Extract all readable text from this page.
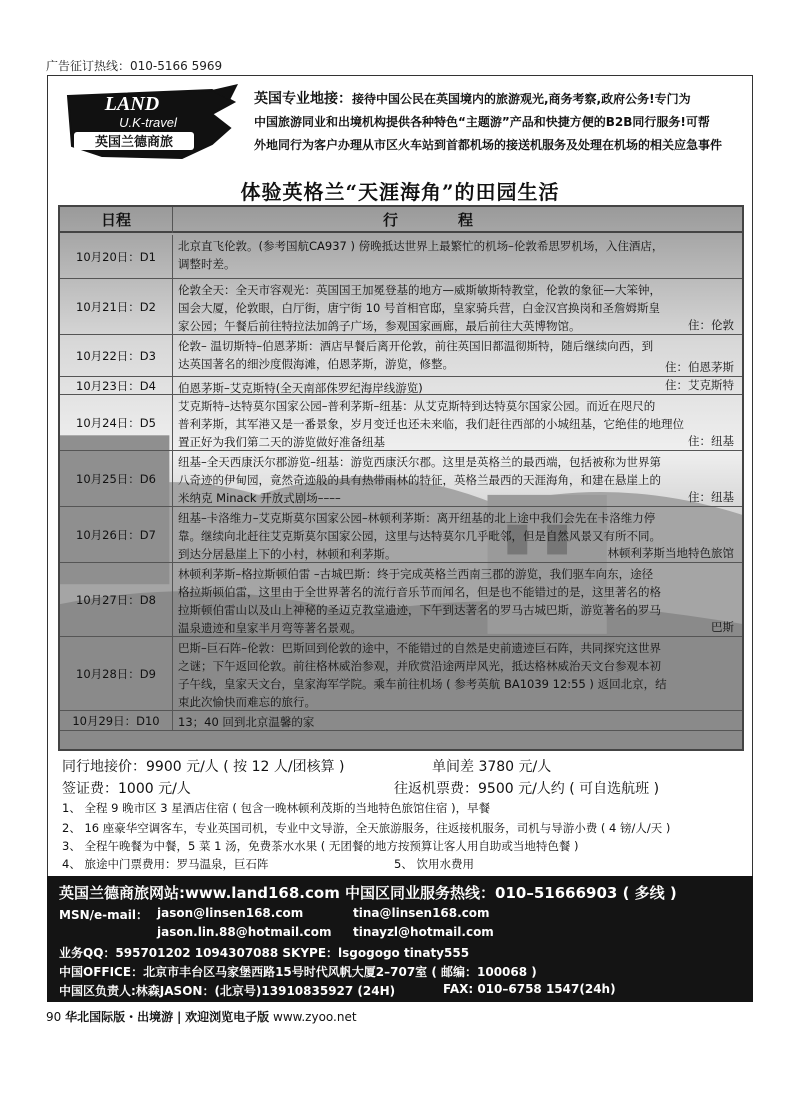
广告征订热线：010-5166 5969
LAND
U.K-travel
英国兰德商旅
英国专业地接：接待中国公民在英国境内的旅游观光,商务考察,政府公务!专门为
中国旅游同业和出境机构提供各种特色“主题游”产品和快捷方便的B2B同行服务!可帮
外地同行为客户办理从市区火车站到首都机场的接送机服务及处理在机场的相关应急事件
体验英格兰“天涯海角”的田园生活
日程	行程
10月20日：D1
北京直飞伦敦。(参考国航CA937 ) 傍晚抵达世界上最繁忙的机场–伦敦希思罗机场，入住酒店，
调整时差。
10月21日：D2
伦敦全天：全天市容观光：英国国王加冕登基的地方—威斯敏斯特教堂，伦敦的象征—大笨钟，
国会大厦，伦敦眼，白厅街，唐宁街 10 号首相官邸，皇家骑兵营，白金汉宫换岗和圣詹姆斯皇
家公园；午餐后前往特拉法加鸽子广场，参观国家画廊，最后前往大英博物馆。	住：伦敦
10月22日：D3
伦敦– 温切斯特–伯恩茅斯：酒店早餐后离开伦敦，前往英国旧都温彻斯特，随后继续向西，到
达英国著名的细沙度假海滩，伯恩茅斯，游览，修整。	住：伯恩茅斯
10月23日：D4	伯恩茅斯–艾克斯特(全天南部侏罗纪海岸线游览)	住：艾克斯特
10月24日：D5
艾克斯特–达特莫尔国家公园–普利茅斯–纽基：从艾克斯特到达特莫尔国家公园。而近在咫尺的
普利茅斯，其军港又是一番景象，岁月变迁也还未来临，我们赶往西部的小城纽基，它绝佳的地理位
置正好为我们第二天的游览做好准备纽基	住：纽基
10月25日：D6
纽基–全天西康沃尔郡游览–纽基：游览西康沃尔郡。这里是英格兰的最西端，包括被称为世界第
八奇迹的伊甸园，竟然奇迹般的具有热带雨林的特征，英格兰最西的天涯海角，和建在悬崖上的
米纳克 Minack 开放式剧场––––	住：纽基
10月26日：D7
纽基–卡洛维力–艾克斯莫尔国家公园–林顿利茅斯：离开纽基的北上途中我们会先在卡洛维力停
靠。继续向北赶往艾克斯莫尔国家公园，这里与达特莫尔几乎毗邻，但是自然风景又有所不同。
到达分居悬崖上下的小村，林顿和利茅斯。	林顿利茅斯当地特色旅馆
10月27日：D8
林顿利茅斯–格拉斯顿伯雷 –古城巴斯：终于完成英格兰西南三郡的游览，我们驱车向东，途径
格拉斯顿伯雷，这里由于全世界著名的流行音乐节而闻名，但是也不能错过的是，这里著名的格
拉斯顿伯雷山以及山上神秘的圣迈克教堂遗迹，下午到达著名的罗马古城巴斯，游览著名的罗马
温泉遗迹和皇家半月弯等著名景观。	巴斯
10月28日：D9
巴斯–巨石阵–伦敦：巴斯回到伦敦的途中，不能错过的自然是史前遗迹巨石阵，共同探究这世界
之谜；下午返回伦敦。前往格林威治参观，并欣赏沿途两岸风光，抵达格林威治天文台参观本初
子午线，皇家天文台，皇家海军学院。乘车前往机场 ( 参考英航 BA1039 12:55 ) 返回北京，结
束此次愉快而难忘的旅行。
10月29日：D10	13；40 回到北京温馨的家
同行地接价：9900 元/人 ( 按 12 人/团核算 )	单间差 3780 元/人
签证费：1000 元/人	往返机票费：9500 元/人约 ( 可自选航班 )
1、 全程 9 晚市区 3 星酒店住宿 ( 包含一晚林顿利茂斯的当地特色旅馆住宿 )，早餐
2、 16 座豪华空调客车，专业英国司机，专业中文导游，全天旅游服务，往返接机服务，司机与导游小费 ( 4 镑/人/天 )
3、 全程午晚餐为中餐，5 菜 1 汤，免费茶水水果 ( 无团餐的地方按预算让客人用自助或当地特色餐 )
4、 旅途中门票费用：罗马温泉，巨石阵	5、 饮用水费用
英国兰德商旅网站:www.land168.com 中国区同业服务热线：010–51666903 ( 多线 )
MSN/e-mail： jason@linsen168.com	tina@linsen168.com
jason.lin.88@hotmail.com tinayzl@hotmail.com
业务QQ：595701202 1094307088 SKYPE：lsgogogo tinaty555
中国OFFICE：北京市丰台区马家堡西路15号时代风帆大厦2–707室 ( 邮编：100068 )
中国区负责人:林森JASON：(北京号)13910835927 (24H)	FAX: 010–6758 1547(24h)
90 华北国际版・出境游 | 欢迎浏览电子版 www.zyoo.net
